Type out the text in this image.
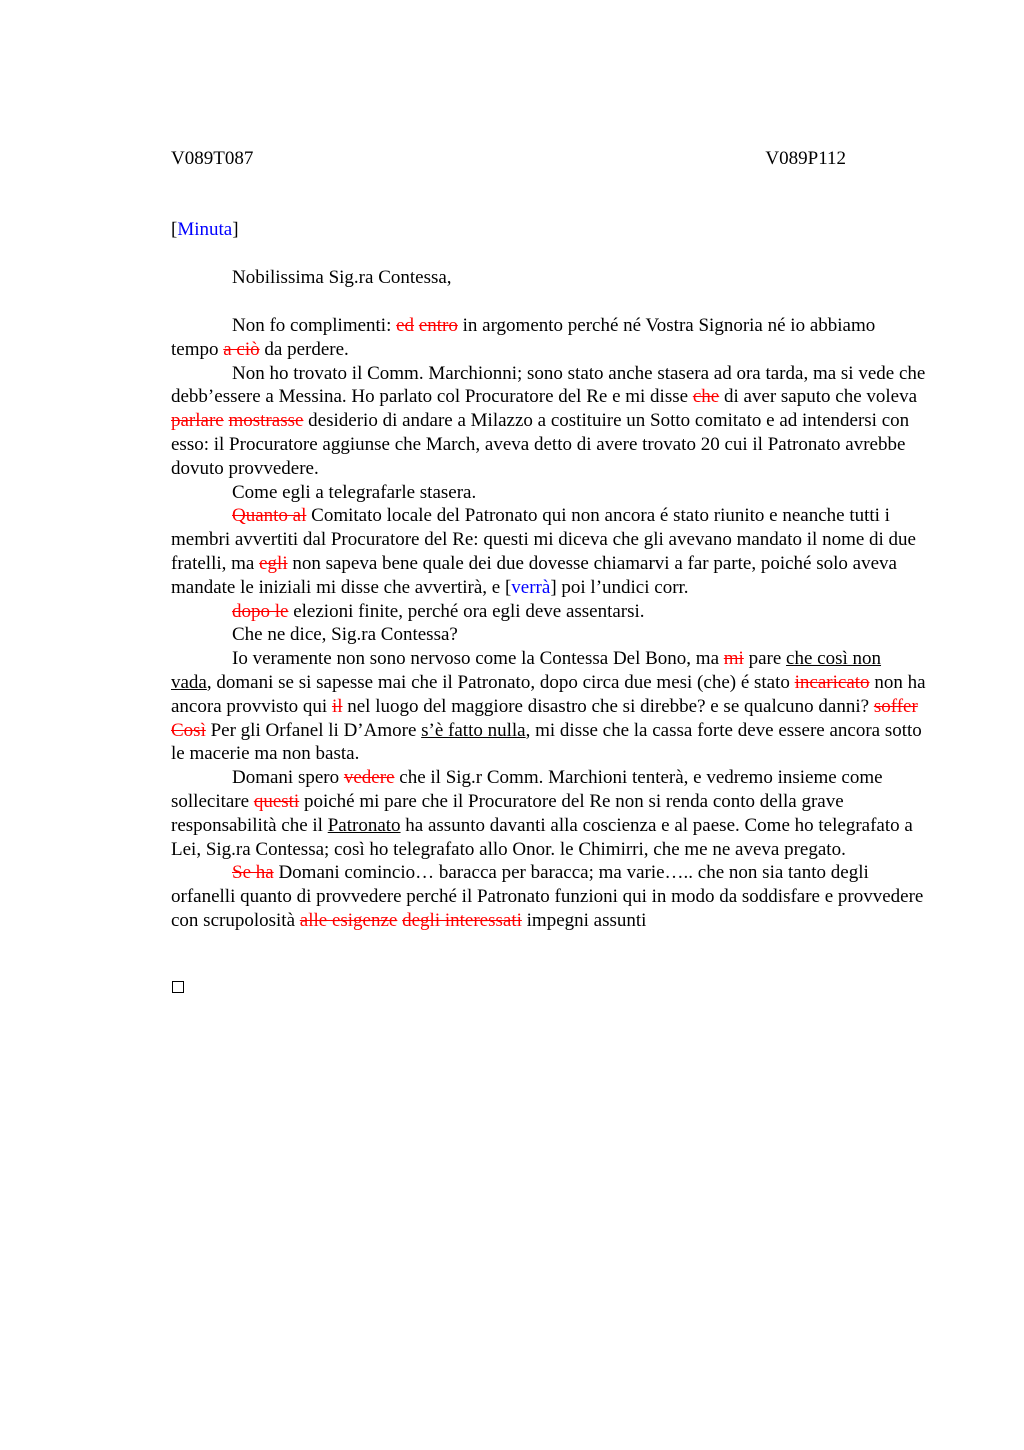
V089T087	V089P112
[Minuta]
Nobilissima Sig.ra Contessa,

Non fo complimenti: ed entro in argomento perché né Vostra Signoria né io abbiamo tempo a ciò da perdere.

Non ho trovato il Comm. Marchionni; sono stato anche stasera ad ora tarda, ma si vede che debb’essere a Messina. Ho parlato col Procuratore del Re e mi disse che di aver saputo che voleva parlare mostrasse desiderio di andare a Milazzo a costituire un Sotto comitato e ad intendersi con esso: il Procuratore aggiunse che March, aveva detto di avere trovato 20 cui il Patronato avrebbe dovuto provvedere.

Come egli a telegrafarle stasera.

Quanto al Comitato locale del Patronato qui non ancora é stato riunito e neanche tutti i membri avvertiti dal Procuratore del Re: questi mi diceva che gli avevano mandato il nome di due fratelli, ma egli non sapeva bene quale dei due dovesse chiamarvi a far parte, poiché solo aveva mandate le iniziali mi disse che avvertirà, e [verrà] poi l’undici corr.

dopo le elezioni finite, perché ora egli deve assentarsi.

Che ne dice, Sig.ra Contessa?

Io veramente non sono nervoso come la Contessa Del Bono, ma mi pare che così non vada, domani se si sapesse mai che il Patronato, dopo circa due mesi (che) é stato incaricato non ha ancora provvisto qui il nel luogo del maggiore disastro che si direbbe? e se qualcuno danni? soffer Così Per gli Orfanel li D’Amore s’è fatto nulla, mi disse che la cassa forte deve essere ancora sotto le macerie ma non basta.

Domani spero vedere che il Sig.r Comm. Marchioni tenterà, e vedremo insieme come sollecitare questi poiché mi pare che il Procuratore del Re non si renda conto della grave responsabilità che il Patronato ha assunto davanti alla coscienza e al paese. Come ho telegrafato a Lei, Sig.ra Contessa; così ho telegrafato allo Onor. le Chimirri, che me ne aveva pregato.

Se ha Domani comincio… baracca per baracca; ma varie….. che non sia tanto degli orfanelli quanto di provvedere perché il Patronato funzioni qui in modo da soddisfare e provvedere con scrupolosità alle esigenze degli interessati impegni assunti
